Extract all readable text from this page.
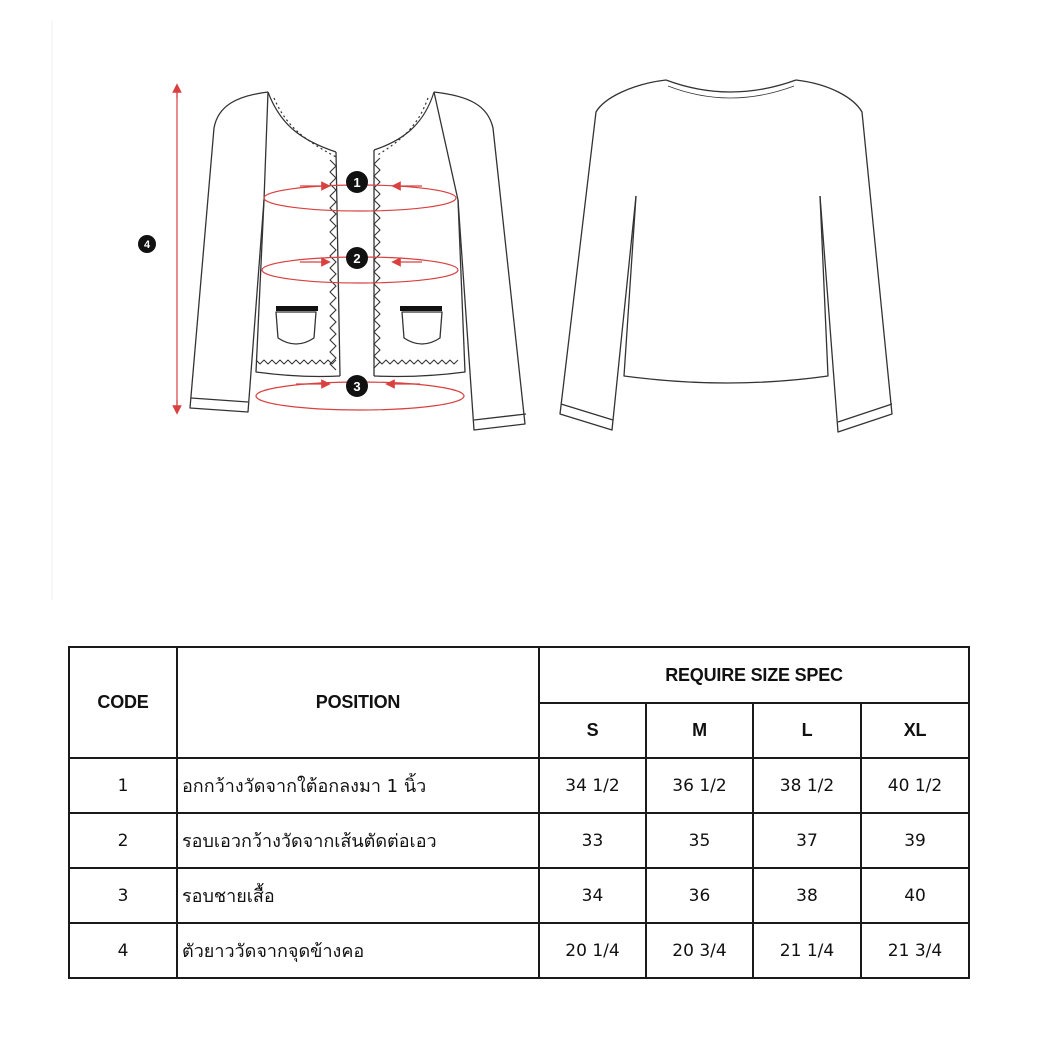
1
2
3
4
CODE	POSITION	REQUIRE SIZE SPEC			
		S	M	L	XL
1	อกกว้างวัดจากใต้อกลงมา 1 นิ้ว	34 1/2	36 1/2	38 1/2	40 1/2
2	รอบเอวกว้างวัดจากเส้นตัดต่อเอว	33	35	37	39
3	รอบชายเสื้อ	34	36	38	40
4	ตัวยาววัดจากจุดข้างคอ	20 1/4	20 3/4	21 1/4	21 3/4
